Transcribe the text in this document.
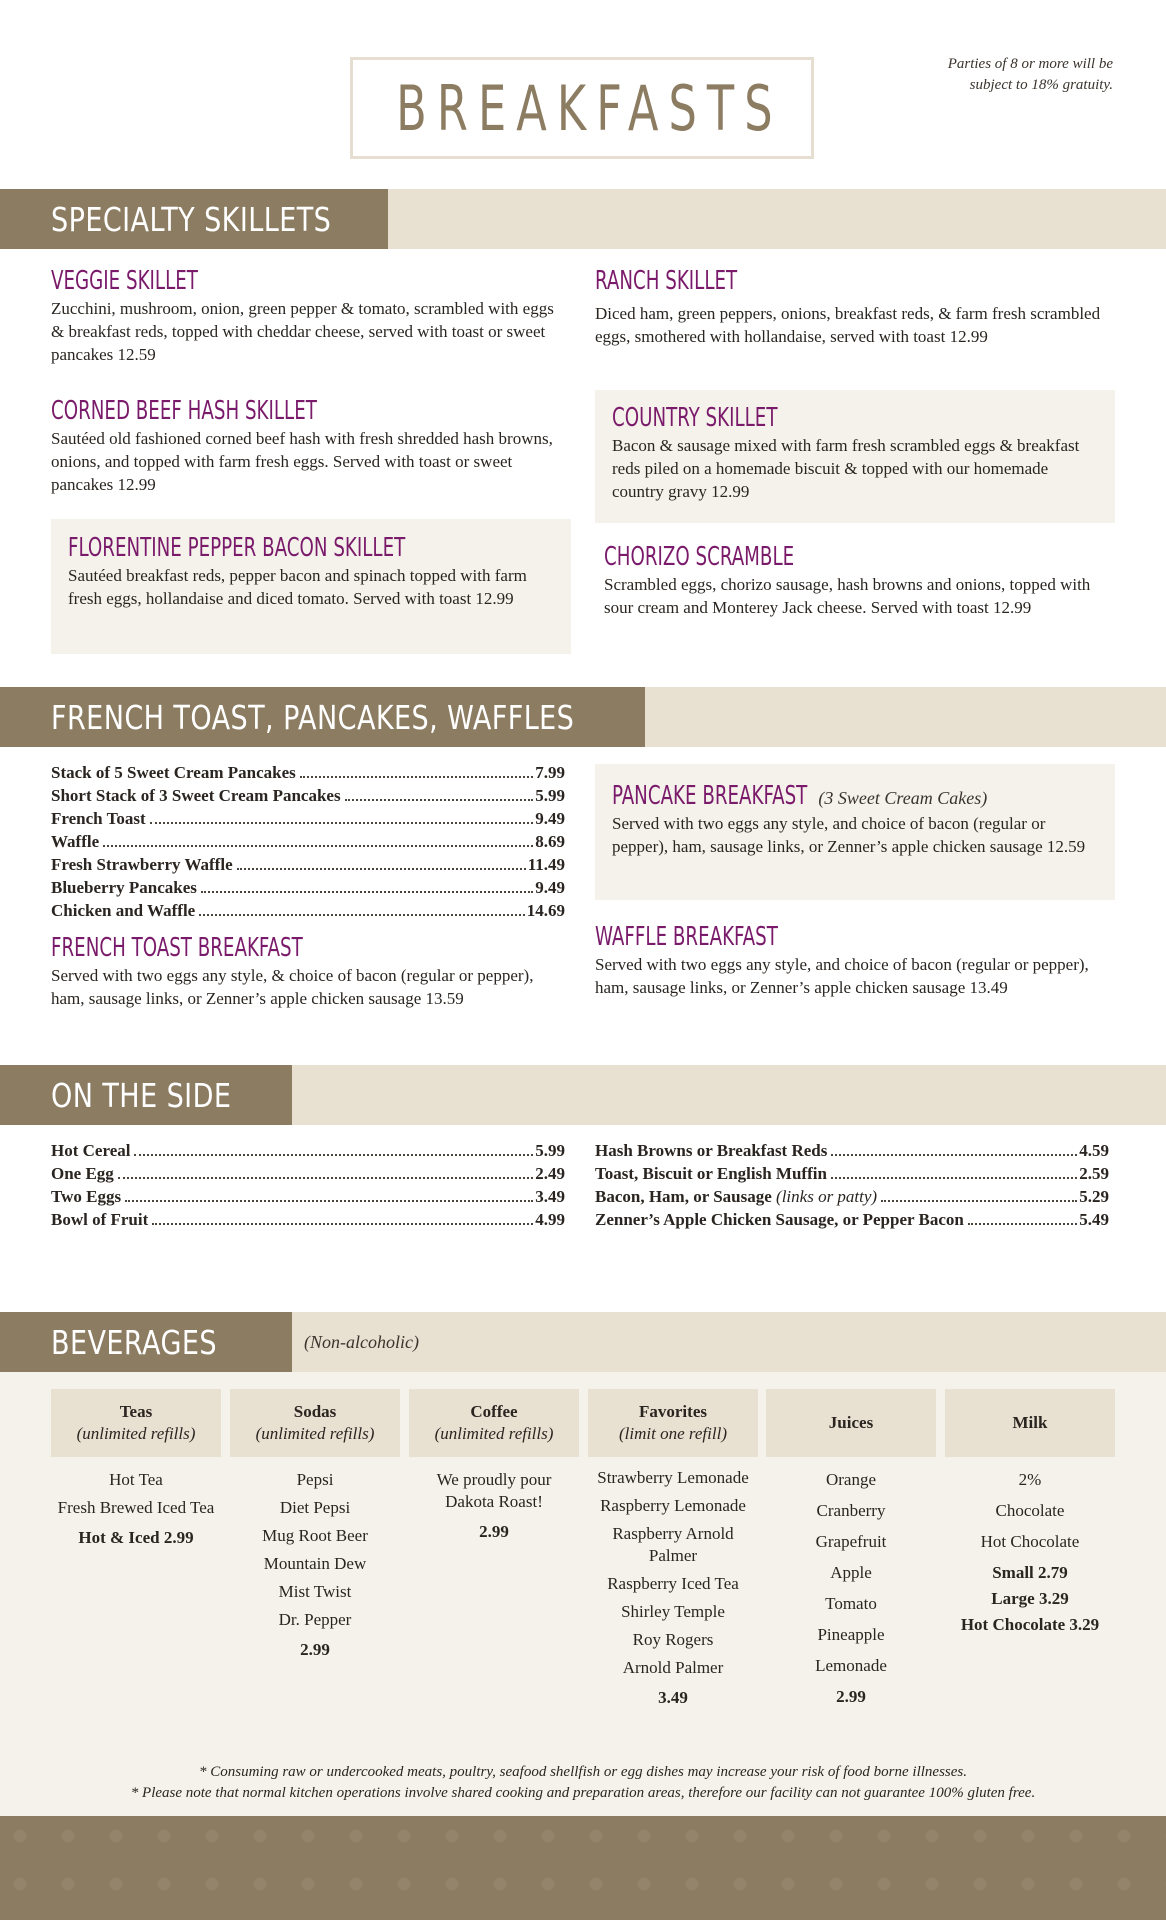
BREAKFASTS
Parties of 8 or more will be
subject to 18% gratuity.
SPECIALTY SKILLETS
VEGGIE SKILLET
Zucchini, mushroom, onion, green pepper & tomato, scrambled with eggs & breakfast reds, topped with cheddar cheese, served with toast or sweet pancakes 12.59
CORNED BEEF HASH SKILLET
Sautéed old fashioned corned beef hash with fresh shredded hash browns, onions, and topped with farm fresh eggs. Served with toast or sweet pancakes 12.99
FLORENTINE PEPPER BACON SKILLET
Sautéed breakfast reds, pepper bacon and spinach topped with farm fresh eggs, hollandaise and diced tomato. Served with toast 12.99
RANCH SKILLET
Diced ham, green peppers, onions, breakfast reds, & farm fresh scrambled eggs, smothered with hollandaise, served with toast 12.99
COUNTRY SKILLET
Bacon & sausage mixed with farm fresh scrambled eggs & breakfast reds piled on a homemade biscuit & topped with our homemade country gravy 12.99
CHORIZO SCRAMBLE
Scrambled eggs, chorizo sausage, hash browns and onions, topped with sour cream and Monterey Jack cheese. Served with toast 12.99
FRENCH TOAST, PANCAKES, WAFFLES
Stack of 5 Sweet Cream Pancakes	7.99
Short Stack of 3 Sweet Cream Pancakes	5.99
French Toast	9.49
Waffle	8.69
Fresh Strawberry Waffle	11.49
Blueberry Pancakes	9.49
Chicken and Waffle	14.69
FRENCH TOAST BREAKFAST
Served with two eggs any style, & choice of bacon (regular or pepper), ham, sausage links, or Zenner’s apple chicken sausage 13.59
PANCAKE BREAKFAST (3 Sweet Cream Cakes)
Served with two eggs any style, and choice of bacon (regular or pepper), ham, sausage links, or Zenner’s apple chicken sausage 12.59
WAFFLE BREAKFAST
Served with two eggs any style, and choice of bacon (regular or pepper), ham, sausage links, or Zenner’s apple chicken sausage 13.49
ON THE SIDE
Hot Cereal	5.99
One Egg	2.49
Two Eggs	3.49
Bowl of Fruit	4.99
Hash Browns or Breakfast Reds	4.59
Toast, Biscuit or English Muffin	2.59
Bacon, Ham, or Sausage (links or patty)	5.29
Zenner’s Apple Chicken Sausage, or Pepper Bacon	5.49
BEVERAGES	(Non-alcoholic)
Teas
(unlimited refills)
Hot Tea
Fresh Brewed Iced Tea
Hot & Iced 2.99
Sodas
(unlimited refills)
Pepsi
Diet Pepsi
Mug Root Beer
Mountain Dew
Mist Twist
Dr. Pepper
2.99
Coffee
(unlimited refills)
We proudly pour Dakota Roast!
2.99
Favorites
(limit one refill)
Strawberry Lemonade
Raspberry Lemonade
Raspberry Arnold Palmer
Raspberry Iced Tea
Shirley Temple
Roy Rogers
Arnold Palmer
3.49
Juices
Orange
Cranberry
Grapefruit
Apple
Tomato
Pineapple
Lemonade
2.99
Milk
2%
Chocolate
Hot Chocolate
Small 2.79
Large 3.29
Hot Chocolate 3.29
* Consuming raw or undercooked meats, poultry, seafood shellfish or egg dishes may increase your risk of food borne illnesses.
* Please note that normal kitchen operations involve shared cooking and preparation areas, therefore our facility can not guarantee 100% gluten free.
